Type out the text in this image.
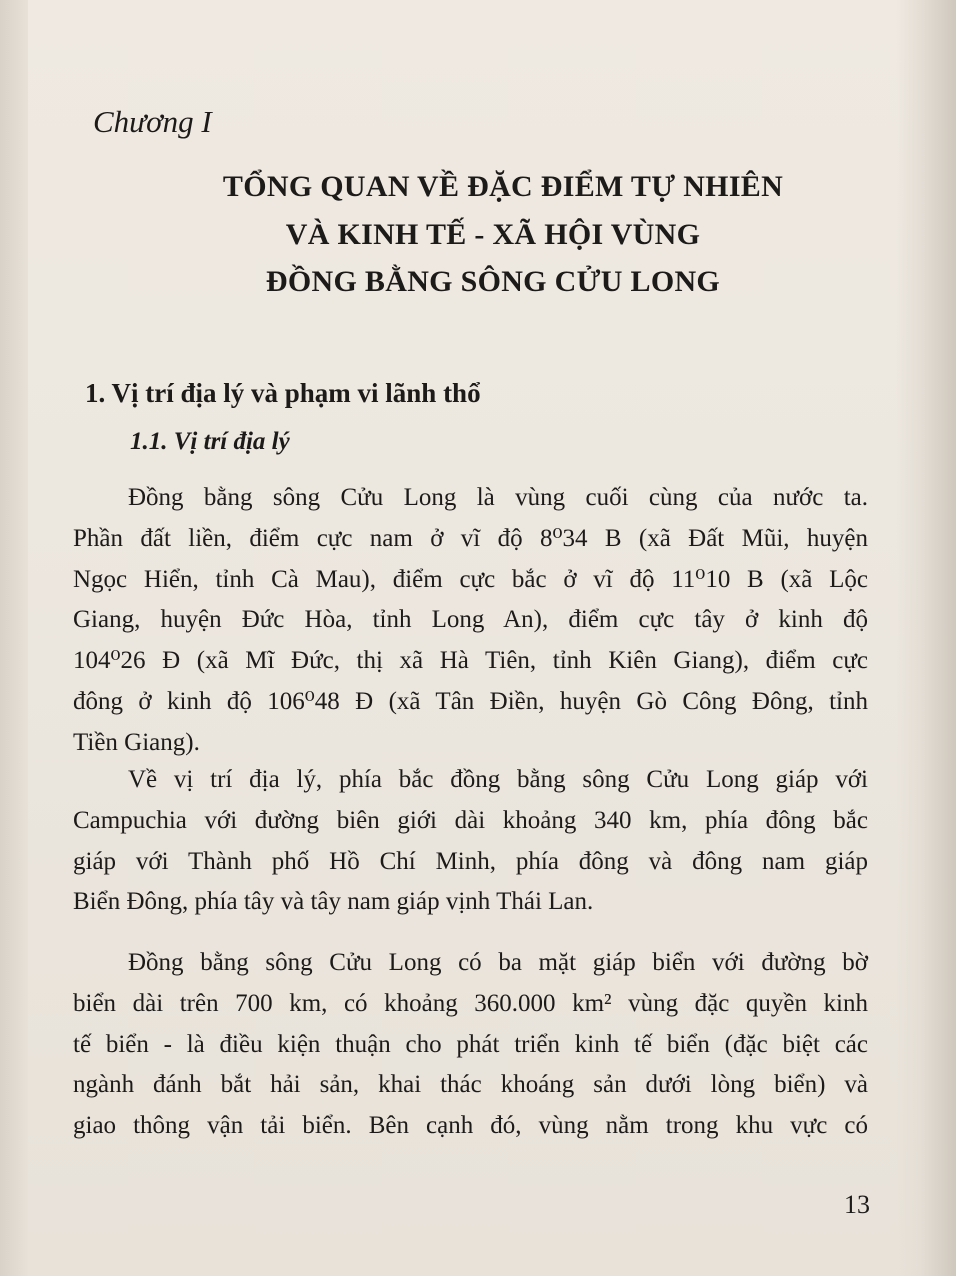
Chương I
TỔNG QUAN VỀ ĐẶC ĐIỂM TỰ NHIÊN
VÀ KINH TẾ - XÃ HỘI VÙNG
ĐỒNG BẰNG SÔNG CỬU LONG
1. Vị trí địa lý và phạm vi lãnh thổ
1.1. Vị trí địa lý
Đồng bằng sông Cửu Long là vùng cuối cùng của nước ta.
Phần đất liền, điểm cực nam ở vĩ độ 8⁰34 B (xã Đất Mũi, huyện
Ngọc Hiển, tỉnh Cà Mau), điểm cực bắc ở vĩ độ 11⁰10 B (xã Lộc
Giang, huyện Đức Hòa, tỉnh Long An), điểm cực tây ở kinh độ
104⁰26 Đ (xã Mĩ Đức, thị xã Hà Tiên, tỉnh Kiên Giang), điểm cực
đông ở kinh độ 106⁰48 Đ (xã Tân Điền, huyện Gò Công Đông, tỉnh
Tiền Giang).
Về vị trí địa lý, phía bắc đồng bằng sông Cửu Long giáp với
Campuchia với đường biên giới dài khoảng 340 km, phía đông bắc
giáp với Thành phố Hồ Chí Minh, phía đông và đông nam giáp
Biển Đông, phía tây và tây nam giáp vịnh Thái Lan.
Đồng bằng sông Cửu Long có ba mặt giáp biển với đường bờ
biển dài trên 700 km, có khoảng 360.000 km² vùng đặc quyền kinh
tế biển - là điều kiện thuận cho phát triển kinh tế biển (đặc biệt các
ngành đánh bắt hải sản, khai thác khoáng sản dưới lòng biển) và
giao thông vận tải biển. Bên cạnh đó, vùng nằm trong khu vực có
13
